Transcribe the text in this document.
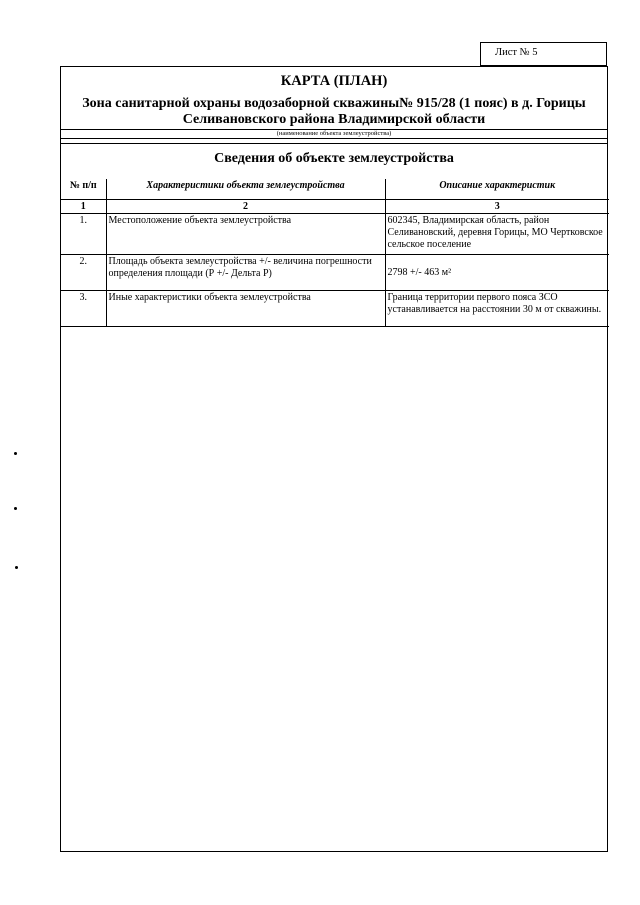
Лист № 5
КАРТА (ПЛАН)
Зона санитарной охраны водозаборной скважины№ 915/28 (1 пояс) в д. Горицы Селивановского района Владимирской области
(наименование объекта землеустройства)
Сведения об объекте землеустройства
№ п/п	Характеристики объекта землеустройства	Описание характеристик
1	2	3
1.	Местоположение объекта землеустройства	602345, Владимирская область, район Селивановский, деревня Горицы, МО Чертковское сельское поселение
2.	Площадь объекта землеустройства +/- величина погрешности определения площади (Р +/- Дельта Р)	2798 +/- 463 м²
3.	Иные характеристики объекта землеустройства	Граница территории первого пояса ЗСО устанавливается на расстоянии 30 м от скважины.
